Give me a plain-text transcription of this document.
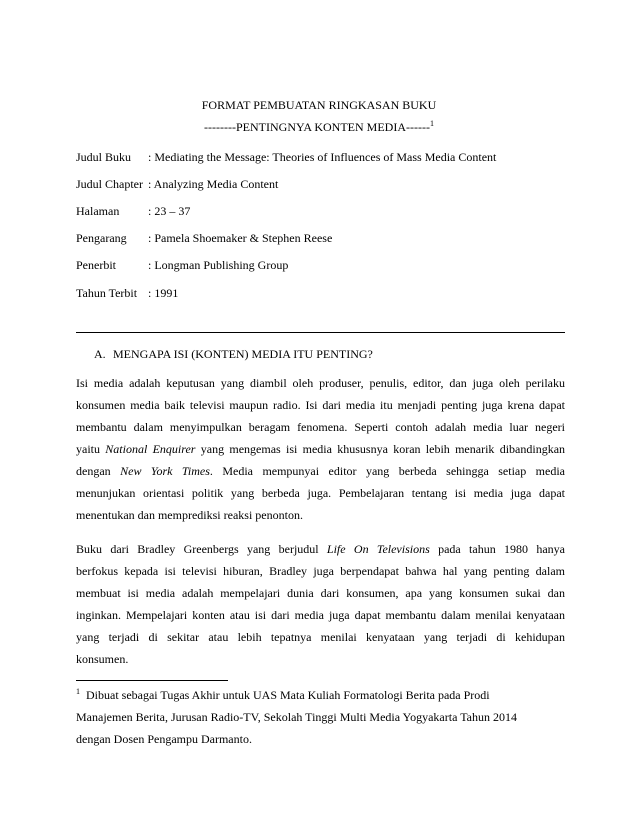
FORMAT PEMBUATAN RINGKASAN BUKU
--------PENTINGNYA KONTEN MEDIA------$^1$
Judul Buku : Mediating the Message: Theories of Influences of Mass Media Content
Judul Chapter : Analyzing Media Content
Halaman : 23 – 37
Pengarang : Pamela Shoemaker & Stephen Reese
Penerbit	: Longman Publishing Group
Tahun Terbit : 1991
A. MENGAPA ISI (KONTEN) MEDIA ITU PENTING?
Isi media adalah keputusan yang diambil oleh produser, penulis, editor, dan juga oleh perilaku
konsumen media baik televisi maupun radio. Isi dari media itu menjadi penting juga krena dapat
membantu dalam menyimpulkan beragam fenomena. Seperti contoh adalah media luar negeri
yaitu National Enquirer yang mengemas isi media khususnya koran lebih menarik dibandingkan
dengan New York Times. Media mempunyai editor yang berbeda sehingga setiap media
menunjukan orientasi politik yang berbeda juga. Pembelajaran tentang isi media juga dapat
menentukan dan memprediksi reaksi penonton.
Buku dari Bradley Greenbergs yang berjudul Life On Televisions pada tahun 1980 hanya
berfokus kepada isi televisi hiburan, Bradley juga berpendapat bahwa hal yang penting dalam
membuat isi media adalah mempelajari dunia dari konsumen, apa yang konsumen sukai dan
inginkan. Mempelajari konten atau isi dari media juga dapat membantu dalam menilai kenyataan
yang terjadi di sekitar atau lebih tepatnya menilai kenyataan yang terjadi di kehidupan
konsumen.
$^1$ Dibuat sebagai Tugas Akhir untuk UAS Mata Kuliah Formatologi Berita pada Prodi
Manajemen Berita, Jurusan Radio-TV, Sekolah Tinggi Multi Media Yogyakarta Tahun 2014
dengan Dosen Pengampu Darmanto.
